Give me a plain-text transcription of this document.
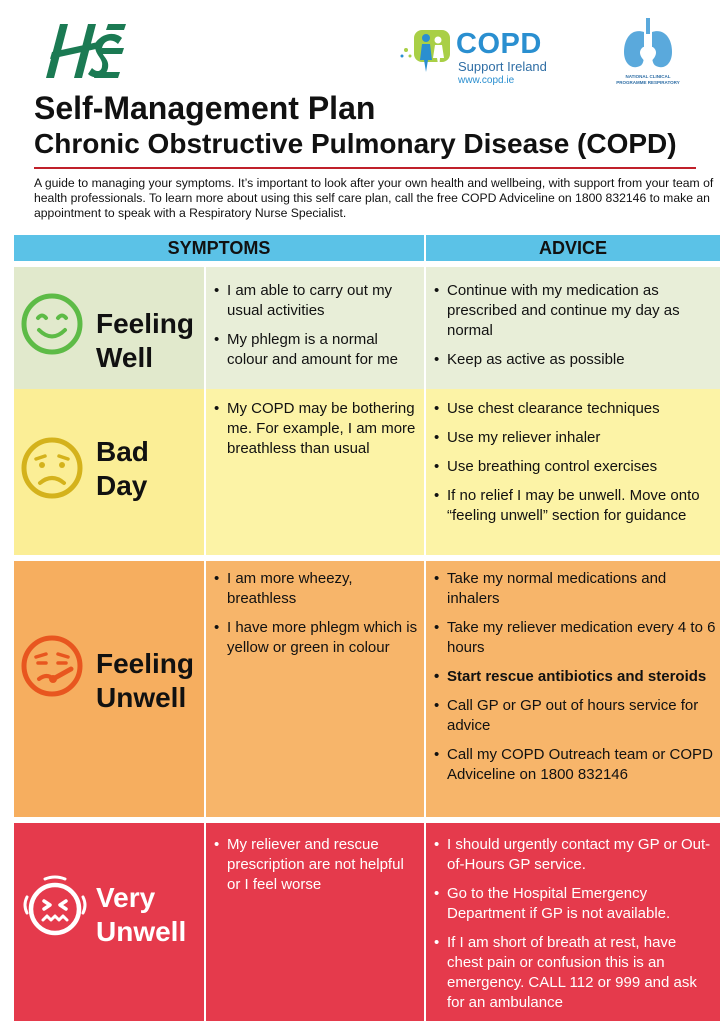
COPD
Support Ireland
www.copd.ie	NATIONAL CLINICAL PROGRAMME RESPIRATORY
Self-Management Plan
Chronic Obstructive Pulmonary Disease (COPD)

A guide to managing your symptoms. It’s important to look after your own health and wellbeing, with support from your team of health professionals. To learn more about using this self care plan, call the free COPD Adviceline on 1800 832146 to make an appointment to speak with a Respiratory Nurse Specialist.

SYMPTOMS	ADVICE

Feeling
Well

• I am able to carry out my usual activities
• My phlegm is a normal colour and amount for me
• Continue with my medication as prescribed and continue my day as normal
• Keep as active as possible

Bad
Day

• My COPD may be bothering me. For example, I am more breathless than usual
• Use chest clearance techniques
• Use my reliever inhaler
• Use breathing control exercises
• If no relief I may be unwell. Move onto “feeling unwell” section for guidance

Feeling
Unwell

• I am more wheezy, breathless
• I have more phlegm which is yellow or green in colour
• Take my normal medications and inhalers
• Take my reliever medication every 4 to 6 hours
• Start rescue antibiotics and steroids
• Call GP or GP out of hours service for advice
• Call my COPD Outreach team or COPD Adviceline on 1800 832146

Very
Unwell

• My reliever and rescue prescription are not helpful or I feel worse
• I should urgently contact my GP or Out-of-Hours GP service.
• Go to the Hospital Emergency Department if GP is not available.
• If I am short of breath at rest, have chest pain or confusion this is an emergency. CALL 112 or 999 and ask for an ambulance
